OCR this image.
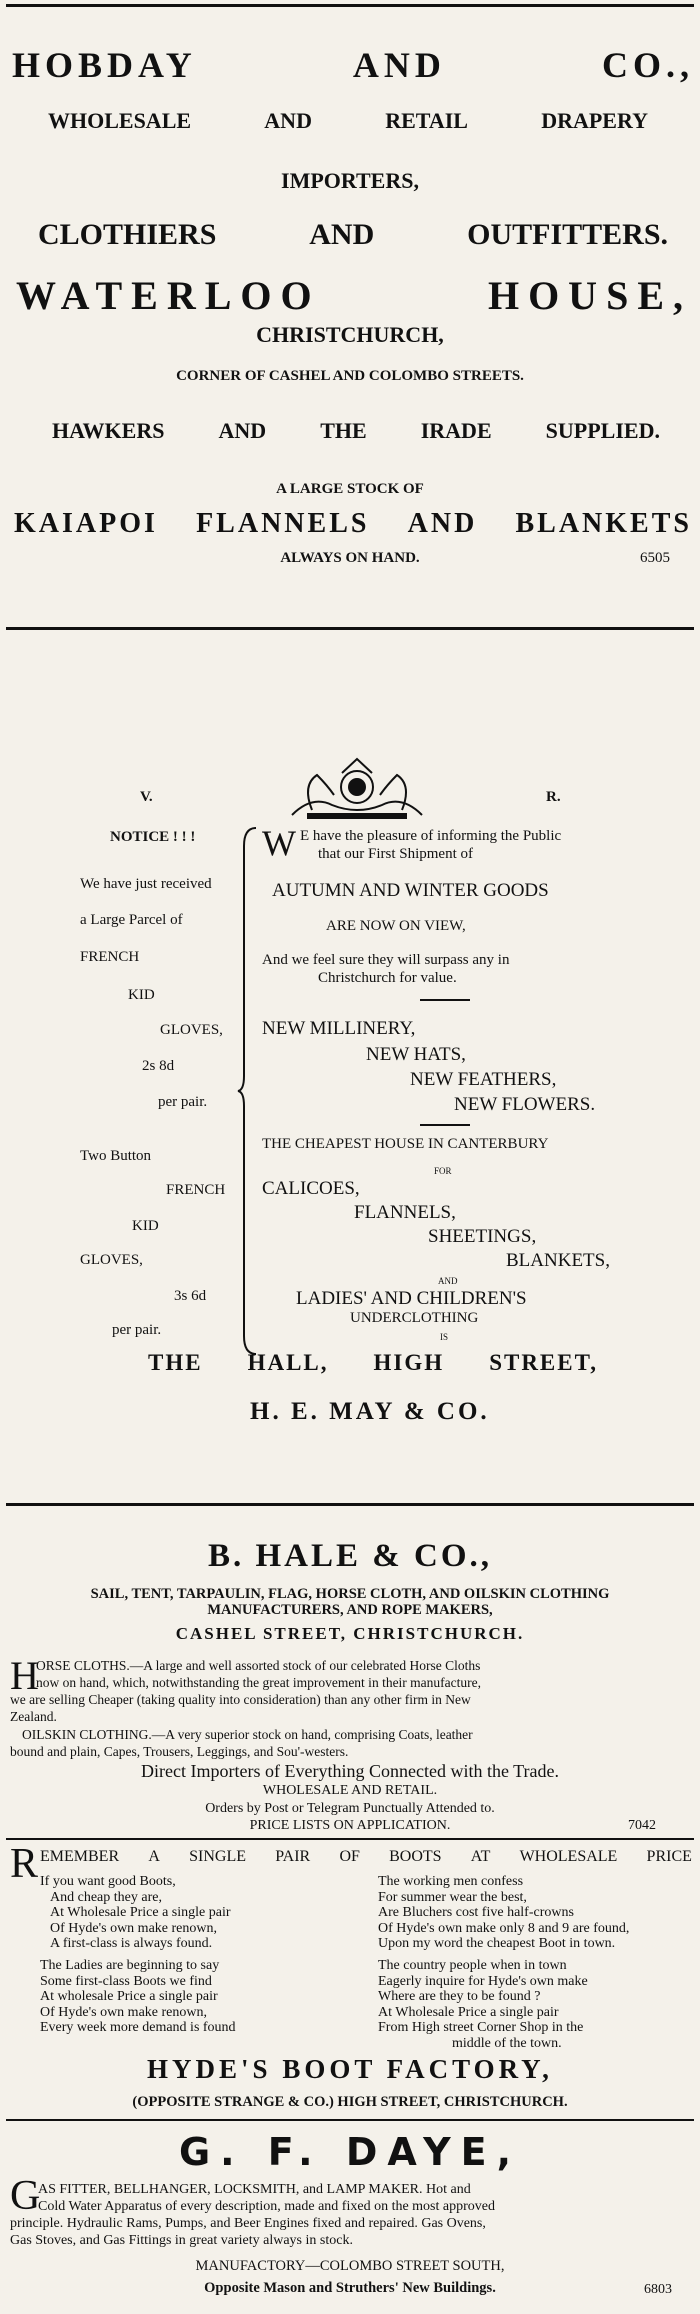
HOBDAY	AND	CO.,
WHOLESALE	AND	RETAIL	DRAPERY
IMPORTERS,
CLOTHIERS	AND	OUTFITTERS.
WATERLOO	HOUSE,
CHRISTCHURCH,
CORNER OF CASHEL AND COLOMBO STREETS.
HAWKERS AND THE IRADE SUPPLIED.
A LARGE STOCK OF
KAIAPOI FLANNELS AND BLANKETS
ALWAYS ON HAND.	6505
V.	R.
NOTICE ! ! !
We have just received
a Large Parcel of
FRENCH
KID
GLOVES,
2s 8d
per pair.
Two Button
FRENCH
KID
GLOVES,
3s 6d
per pair.
W E have the pleasure of informing the Public
that our First Shipment of
AUTUMN AND WINTER GOODS
ARE NOW ON VIEW,
And we feel sure they will surpass any in
Christchurch for value.
NEW MILLINERY,
NEW HATS,
NEW FEATHERS,
NEW FLOWERS.
THE CHEAPEST HOUSE IN CANTERBURY
FOR
CALICOES,
FLANNELS,
SHEETINGS,
BLANKETS,
AND
LADIES' AND CHILDREN'S
UNDERCLOTHING
IS
THE HALL, HIGH STREET,
H. E. MAY & CO.
B. HALE & CO.,
SAIL, TENT, TARPAULIN, FLAG, HORSE CLOTH, AND OILSKIN CLOTHING
MANUFACTURERS, AND ROPE MAKERS,
CASHEL STREET, CHRISTCHURCH.
H
ORSE CLOTHS.—A large and well assorted stock of our celebrated Horse Cloths
now on hand, which, notwithstanding the great improvement in their manufacture,
we are selling Cheaper (taking quality into consideration) than any other firm in New
Zealand.
OILSKIN CLOTHING.—A very superior stock on hand, comprising Coats, leather
bound and plain, Capes, Trousers, Leggings, and Sou'-westers.
Direct Importers of Everything Connected with the Trade.
WHOLESALE AND RETAIL.
Orders by Post or Telegram Punctually Attended to.
PRICE LISTS ON APPLICATION.	7042
R EMEMBER A SINGLE PAIR OF BOOTS AT WHOLESALE PRICE
If you want good Boots,
And cheap they are,
At Wholesale Price a single pair
Of Hyde's own make renown,
A first-class is always found.
The Ladies are beginning to say
Some first-class Boots we find
At wholesale Price a single pair
Of Hyde's own make renown,
Every week more demand is found
The working men confess
For summer wear the best,
Are Bluchers cost five half-crowns
Of Hyde's own make only 8 and 9 are found,
Upon my word the cheapest Boot in town.
The country people when in town
Eagerly inquire for Hyde's own make
Where are they to be found ?
At Wholesale Price a single pair
From High street Corner Shop in the
middle of the town.
HYDE'S BOOT FACTORY,
(OPPOSITE STRANGE & CO.) HIGH STREET, CHRISTCHURCH.
G. F. DAYE,
G
AS FITTER, BELLHANGER, LOCKSMITH, and LAMP MAKER. Hot and
Cold Water Apparatus of every description, made and fixed on the most approved
principle. Hydraulic Rams, Pumps, and Beer Engines fixed and repaired. Gas Ovens,
Gas Stoves, and Gas Fittings in great variety always in stock.
MANUFACTORY—COLOMBO STREET SOUTH,
Opposite Mason and Struthers' New Buildings.	6803
